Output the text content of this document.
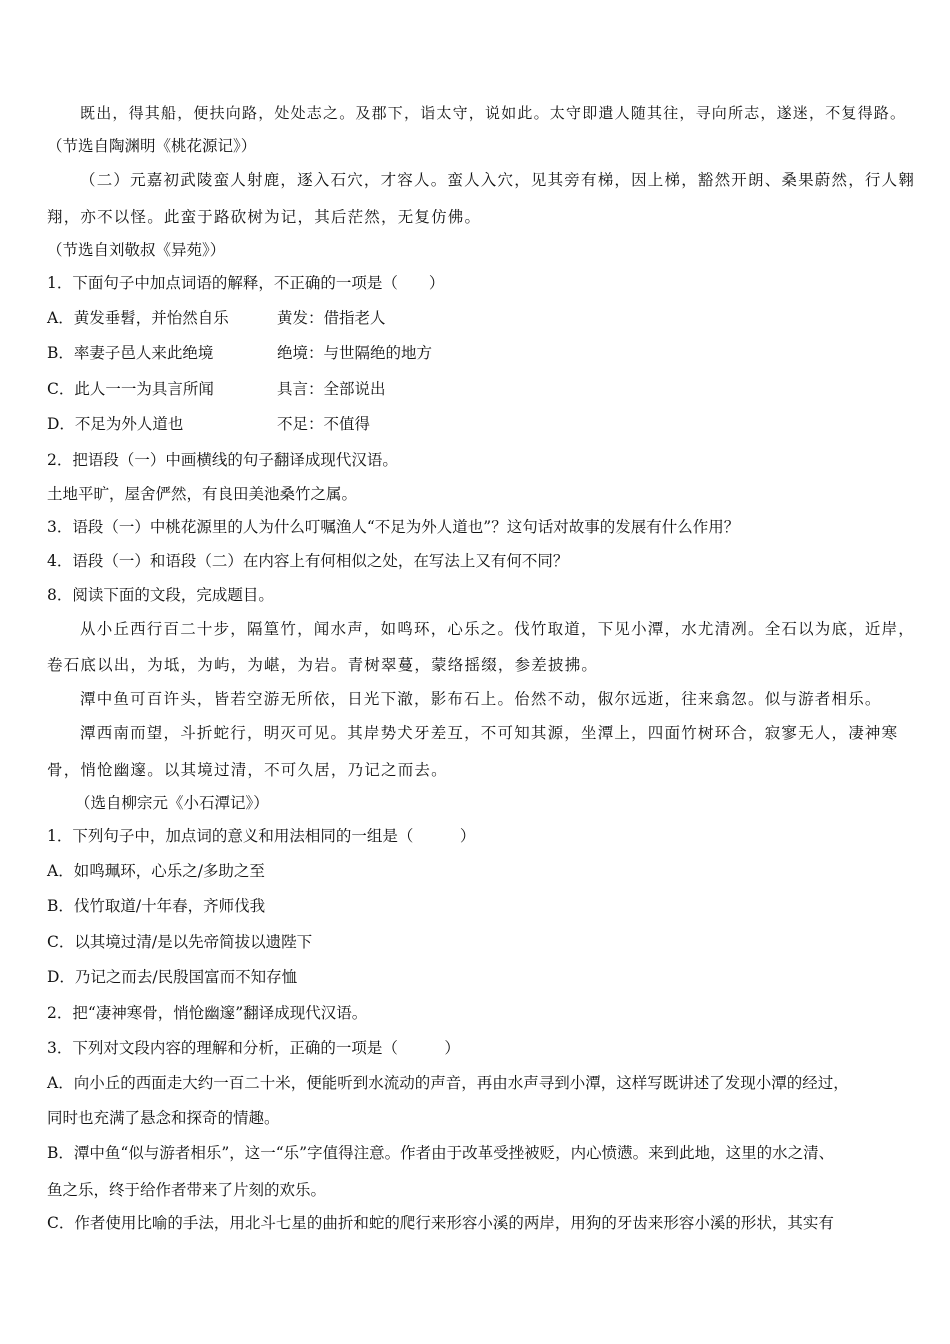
既出，得其船，便扶向路，处处志之。及郡下，诣太守，说如此。太守即遣人随其往，寻向所志，遂迷，不复得路。
（节选自陶渊明《桃花源记》）
（二）元嘉初武陵蛮人射鹿，逐入石穴，才容人。蛮人入穴，见其旁有梯，因上梯，豁然开朗、桑果蔚然，行人翱
翔，亦不以怪。此蛮于路砍树为记，其后茫然，无复仿佛。
（节选自刘敬叔《异苑》）
1．下面句子中加点词语的解释，不正确的一项是（　　）
A．黄发垂髫，并怡然自乐	黄发：借指老人
B．率妻子邑人来此绝境	绝境：与世隔绝的地方
C．此人一一为具言所闻	具言：全部说出
D．不足为外人道也	不足：不值得
2．把语段（一）中画横线的句子翻译成现代汉语。
土地平旷，屋舍俨然，有良田美池桑竹之属。
3．语段（一）中桃花源里的人为什么叮嘱渔人“不足为外人道也”？这句话对故事的发展有什么作用？
4．语段（一）和语段（二）在内容上有何相似之处，在写法上又有何不同？
8．阅读下面的文段，完成题目。
从小丘西行百二十步，隔篁竹，闻水声，如鸣环，心乐之。伐竹取道，下见小潭，水尤清冽。全石以为底，近岸，
卷石底以出，为坻，为屿，为嵁，为岩。青树翠蔓，蒙络摇缀，参差披拂。
潭中鱼可百许头，皆若空游无所依，日光下澈，影布石上。佁然不动，俶尔远逝，往来翕忽。似与游者相乐。
潭西南而望，斗折蛇行，明灭可见。其岸势犬牙差互，不可知其源，坐潭上，四面竹树环合，寂寥无人，凄神寒
骨，悄怆幽邃。以其境过清，不可久居，乃记之而去。
（选自柳宗元《小石潭记》）
1．下列句子中，加点词的意义和用法相同的一组是（　　　）
A．如鸣珮环，心乐之/多助之至
B．伐竹取道/十年春，齐师伐我
C．以其境过清/是以先帝简拔以遗陛下
D．乃记之而去/民殷国富而不知存恤
2．把“凄神寒骨，悄怆幽邃”翻译成现代汉语。
3．下列对文段内容的理解和分析，正确的一项是（　　　）
A．向小丘的西面走大约一百二十米，便能听到水流动的声音，再由水声寻到小潭，这样写既讲述了发现小潭的经过，
同时也充满了悬念和探奇的情趣。
B．潭中鱼“似与游者相乐”，这一“乐”字值得注意。作者由于改革受挫被贬，内心愤懑。来到此地，这里的水之清、
鱼之乐，终于给作者带来了片刻的欢乐。
C．作者使用比喻的手法，用北斗七星的曲折和蛇的爬行来形容小溪的两岸，用狗的牙齿来形容小溪的形状，其实有
